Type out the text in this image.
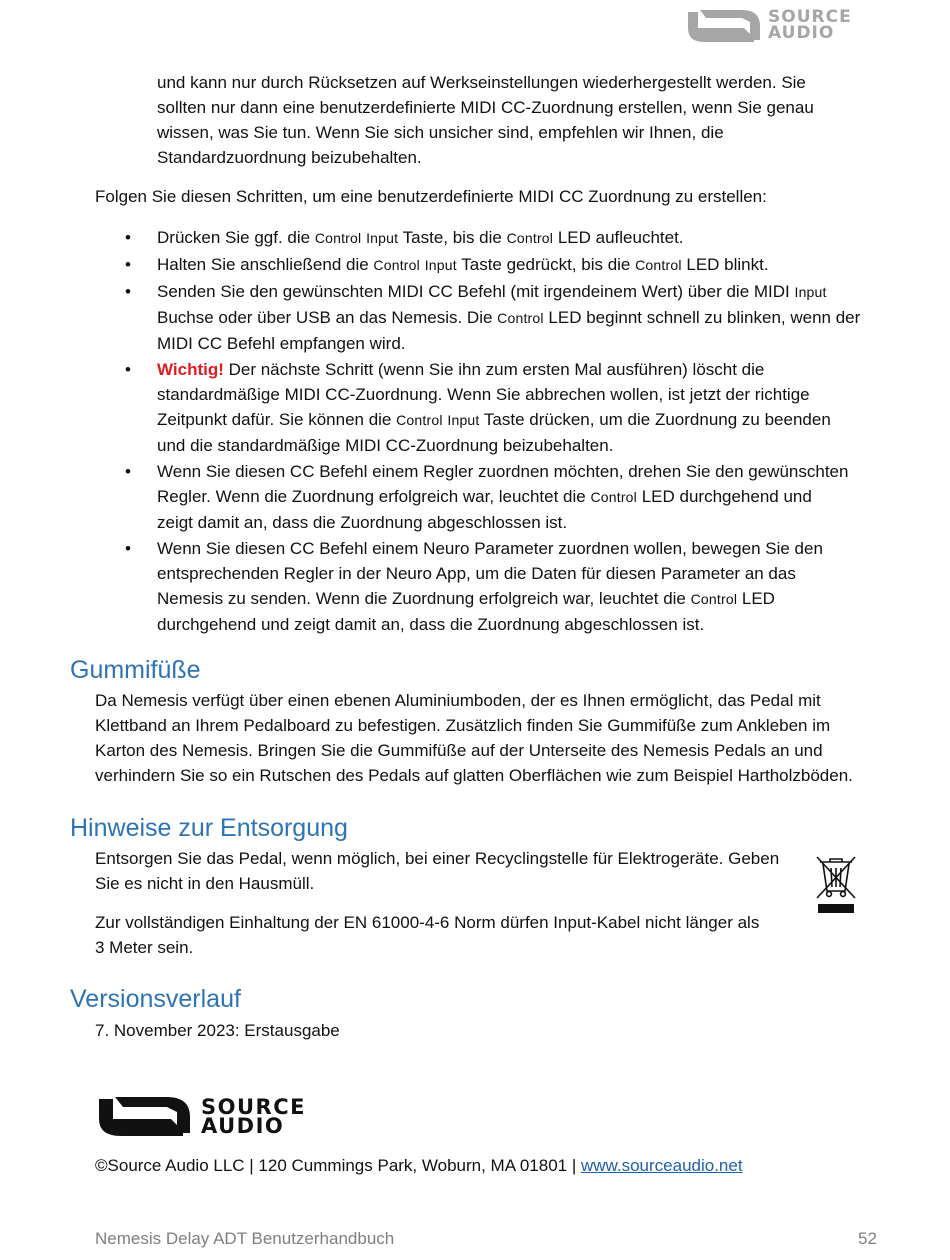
SOURCE
AUDIO

und kann nur durch Rücksetzen auf Werkseinstellungen wiederhergestellt werden. Sie

sollten nur dann eine benutzerdefinierte MIDI CC-Zuordnung erstellen, wenn Sie genau

wissen, was Sie tun. Wenn Sie sich unsicher sind, empfehlen wir Ihnen, die

Standardzuordnung beizubehalten.

Folgen Sie diesen Schritten, um eine benutzerdefinierte MIDI CC Zuordnung zu erstellen:

• Drücken Sie ggf. die Control Input Taste, bis die Control LED aufleuchtet.
• Halten Sie anschließend die Control Input Taste gedrückt, bis die Control LED blinkt.
• Senden Sie den gewünschten MIDI CC Befehl (mit irgendeinem Wert) über die MIDI Input
Buchse oder über USB an das Nemesis. Die Control LED beginnt schnell zu blinken, wenn der
MIDI CC Befehl empfangen wird.
• Wichtig! Der nächste Schritt (wenn Sie ihn zum ersten Mal ausführen) löscht die
standardmäßige MIDI CC-Zuordnung. Wenn Sie abbrechen wollen, ist jetzt der richtige
Zeitpunkt dafür. Sie können die Control Input Taste drücken, um die Zuordnung zu beenden
und die standardmäßige MIDI CC-Zuordnung beizubehalten.
• Wenn Sie diesen CC Befehl einem Regler zuordnen möchten, drehen Sie den gewünschten
Regler. Wenn die Zuordnung erfolgreich war, leuchtet die Control LED durchgehend und
zeigt damit an, dass die Zuordnung abgeschlossen ist.
• Wenn Sie diesen CC Befehl einem Neuro Parameter zuordnen wollen, bewegen Sie den
entsprechenden Regler in der Neuro App, um die Daten für diesen Parameter an das
Nemesis zu senden. Wenn die Zuordnung erfolgreich war, leuchtet die Control LED
durchgehend und zeigt damit an, dass die Zuordnung abgeschlossen ist.
Gummifüße

Da Nemesis verfügt über einen ebenen Aluminiumboden, der es Ihnen ermöglicht, das Pedal mit

Klettband an Ihrem Pedalboard zu befestigen. Zusätzlich finden Sie Gummifüße zum Ankleben im

Karton des Nemesis. Bringen Sie die Gummifüße auf der Unterseite des Nemesis Pedals an und

verhindern Sie so ein Rutschen des Pedals auf glatten Oberflächen wie zum Beispiel Hartholzböden.

Hinweise zur Entsorgung

Entsorgen Sie das Pedal, wenn möglich, bei einer Recyclingstelle für Elektrogeräte. Geben

Sie es nicht in den Hausmüll.

Zur vollständigen Einhaltung der EN 61000-4-6 Norm dürfen Input-Kabel nicht länger als

3 Meter sein.

Versionsverlauf

7. November 2023: Erstausgabe

SOURCE
AUDIO

©Source Audio LLC | 120 Cummings Park, Woburn, MA 01801 | www.sourceaudio.net

Nemesis Delay ADT Benutzerhandbuch	52
